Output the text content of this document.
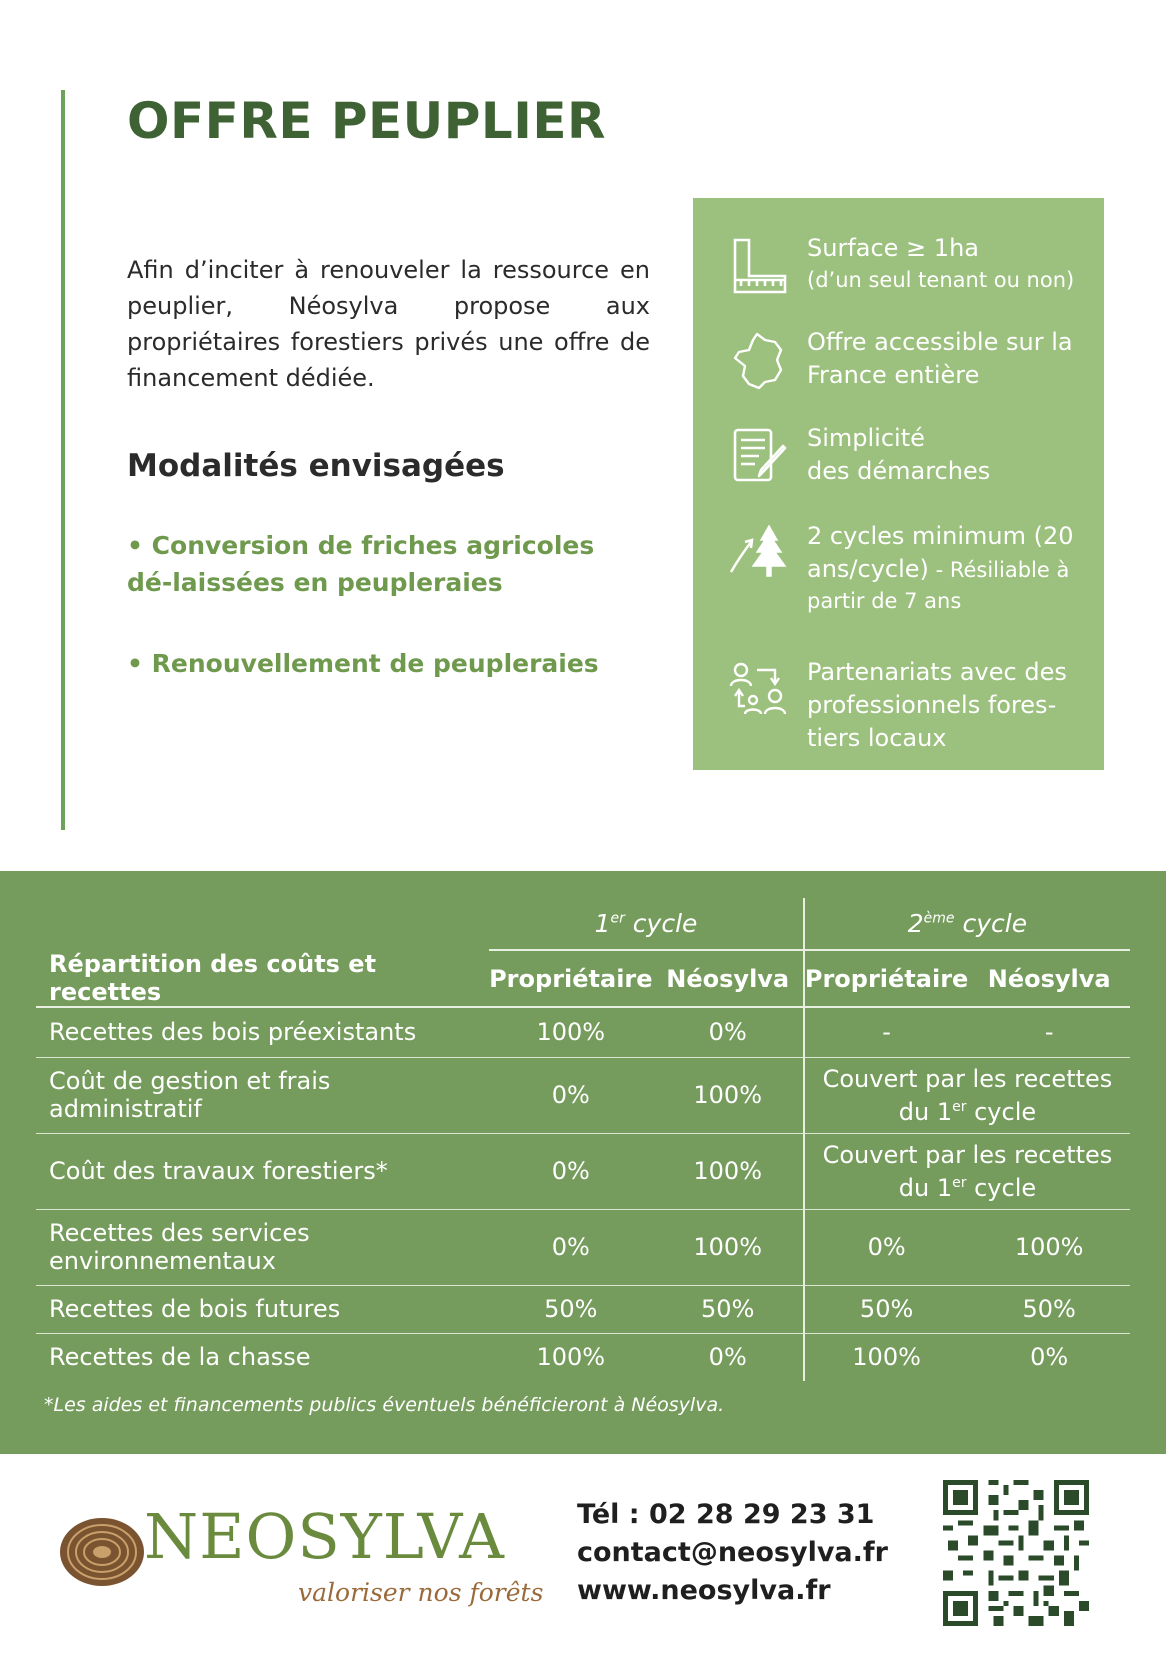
OFFRE PEUPLIER

Afin d’inciter à renouveler la ressource en peuplier, Néosylva propose aux propriétaires forestiers privés une offre de financement dédiée.

Modalités envisagées
• Conversion de friches agricoles dé-laissées en peupleraies
• Renouvellement de peupleraies
Surface ≥ 1ha
(d’un seul tenant ou non)
Offre accessible sur la
France entière
Simplicité
des démarches
2 cycles minimum (20
ans/cycle) - Résiliable à
partir de 7 ans
Partenariats avec des
professionnels fores-
tiers locaux
	1er cycle		2ème cycle	
Répartition des coûts et recettes	Propriétaire	Néosylva	Propriétaire	Néosylva
Recettes des bois préexistants	100%	0%	-	-
Coût de gestion et frais administratif	0%	100%	Couvert par les recettes
du 1er cycle	

Coût des travaux forestiers*	0%	100%	Couvert par les recettes
du 1er cycle	

Recettes des services
environnementaux	0%	100%	0%	100%
Recettes de bois futures	50%	50%	50%	50%
Recettes de la chasse	100%	0%	100%	0%
*Les aides et financements publics éventuels bénéficieront à Néosylva.
NEOSYLVA
valoriser nos forêts
Tél : 02 28 29 23 31
contact@neosylva.fr
www.neosylva.fr
